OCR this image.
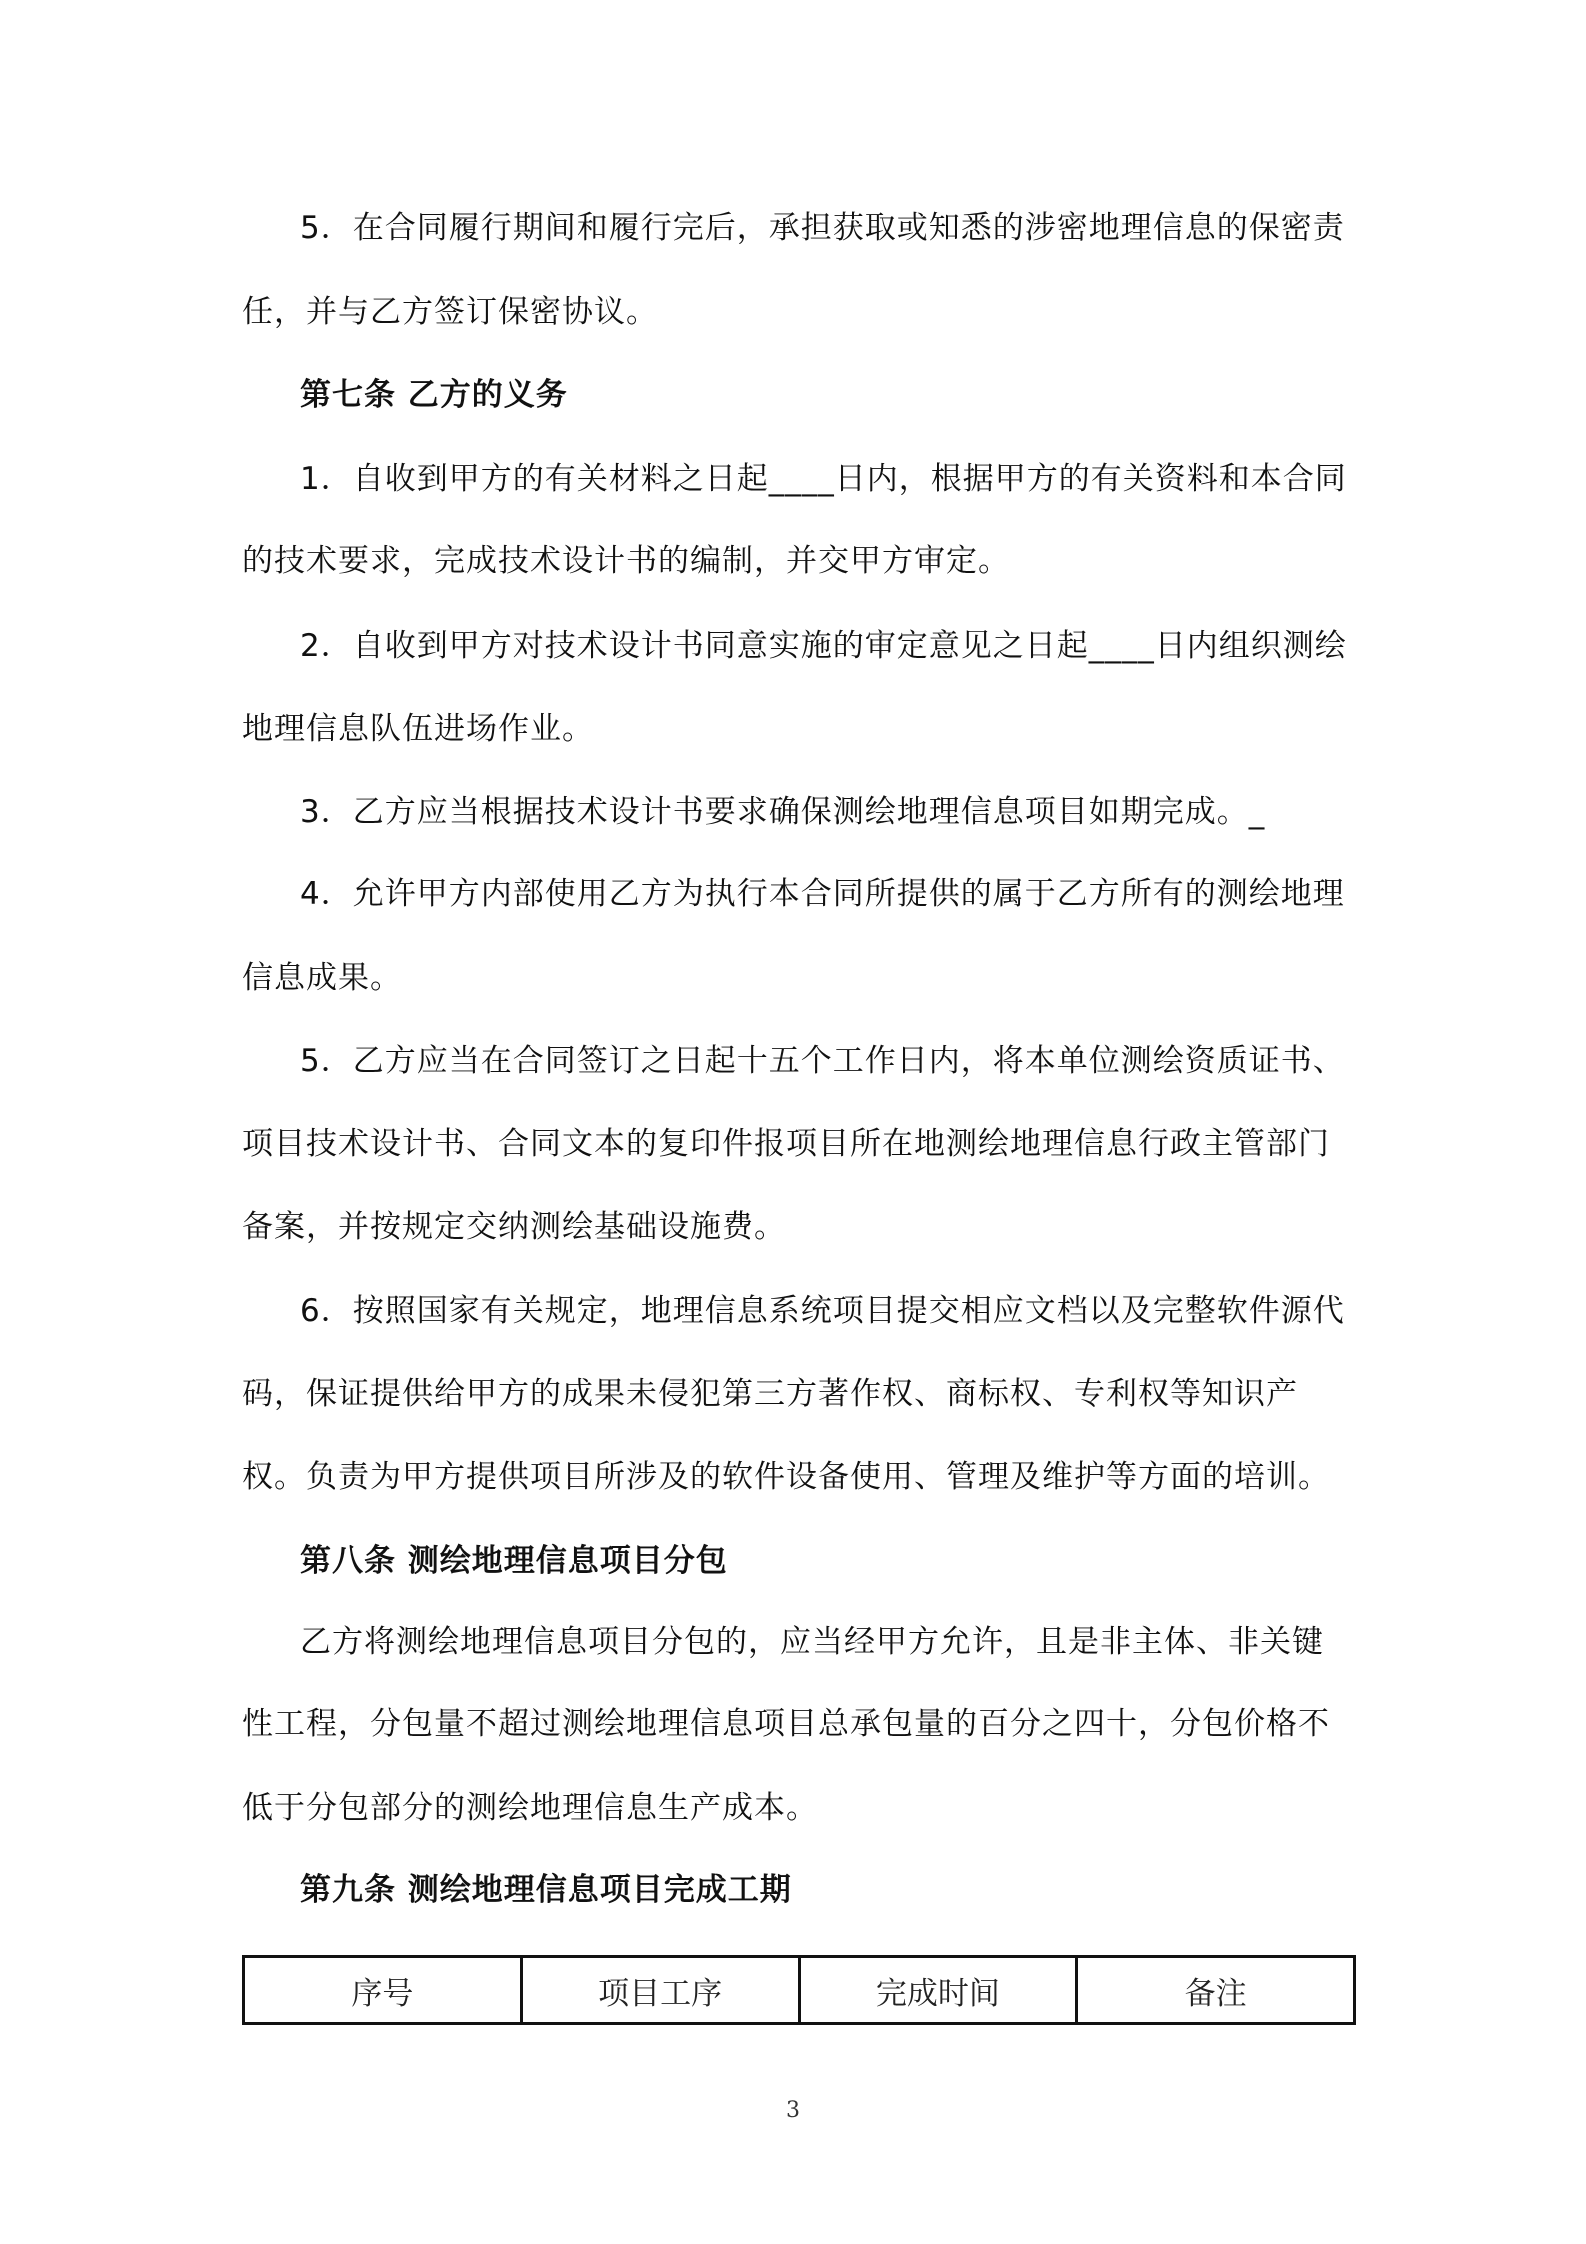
5．在合同履行期间和履行完后，承担获取或知悉的涉密地理信息的保密责
任，并与乙方签订保密协议。
第七条 乙方的义务
1．自收到甲方的有关材料之日起____日内，根据甲方的有关资料和本合同
的技术要求，完成技术设计书的编制，并交甲方审定。
2．自收到甲方对技术设计书同意实施的审定意见之日起____日内组织测绘
地理信息队伍进场作业。
3．乙方应当根据技术设计书要求确保测绘地理信息项目如期完成。_
4．允许甲方内部使用乙方为执行本合同所提供的属于乙方所有的测绘地理
信息成果。
5．乙方应当在合同签订之日起十五个工作日内，将本单位测绘资质证书、
项目技术设计书、合同文本的复印件报项目所在地测绘地理信息行政主管部门
备案，并按规定交纳测绘基础设施费。
6．按照国家有关规定，地理信息系统项目提交相应文档以及完整软件源代
码，保证提供给甲方的成果未侵犯第三方著作权、商标权、专利权等知识产
权。负责为甲方提供项目所涉及的软件设备使用、管理及维护等方面的培训。
第八条 测绘地理信息项目分包
乙方将测绘地理信息项目分包的，应当经甲方允许，且是非主体、非关键
性工程，分包量不超过测绘地理信息项目总承包量的百分之四十，分包价格不
低于分包部分的测绘地理信息生产成本。
第九条 测绘地理信息项目完成工期
序号	项目工序	完成时间	备注
3
